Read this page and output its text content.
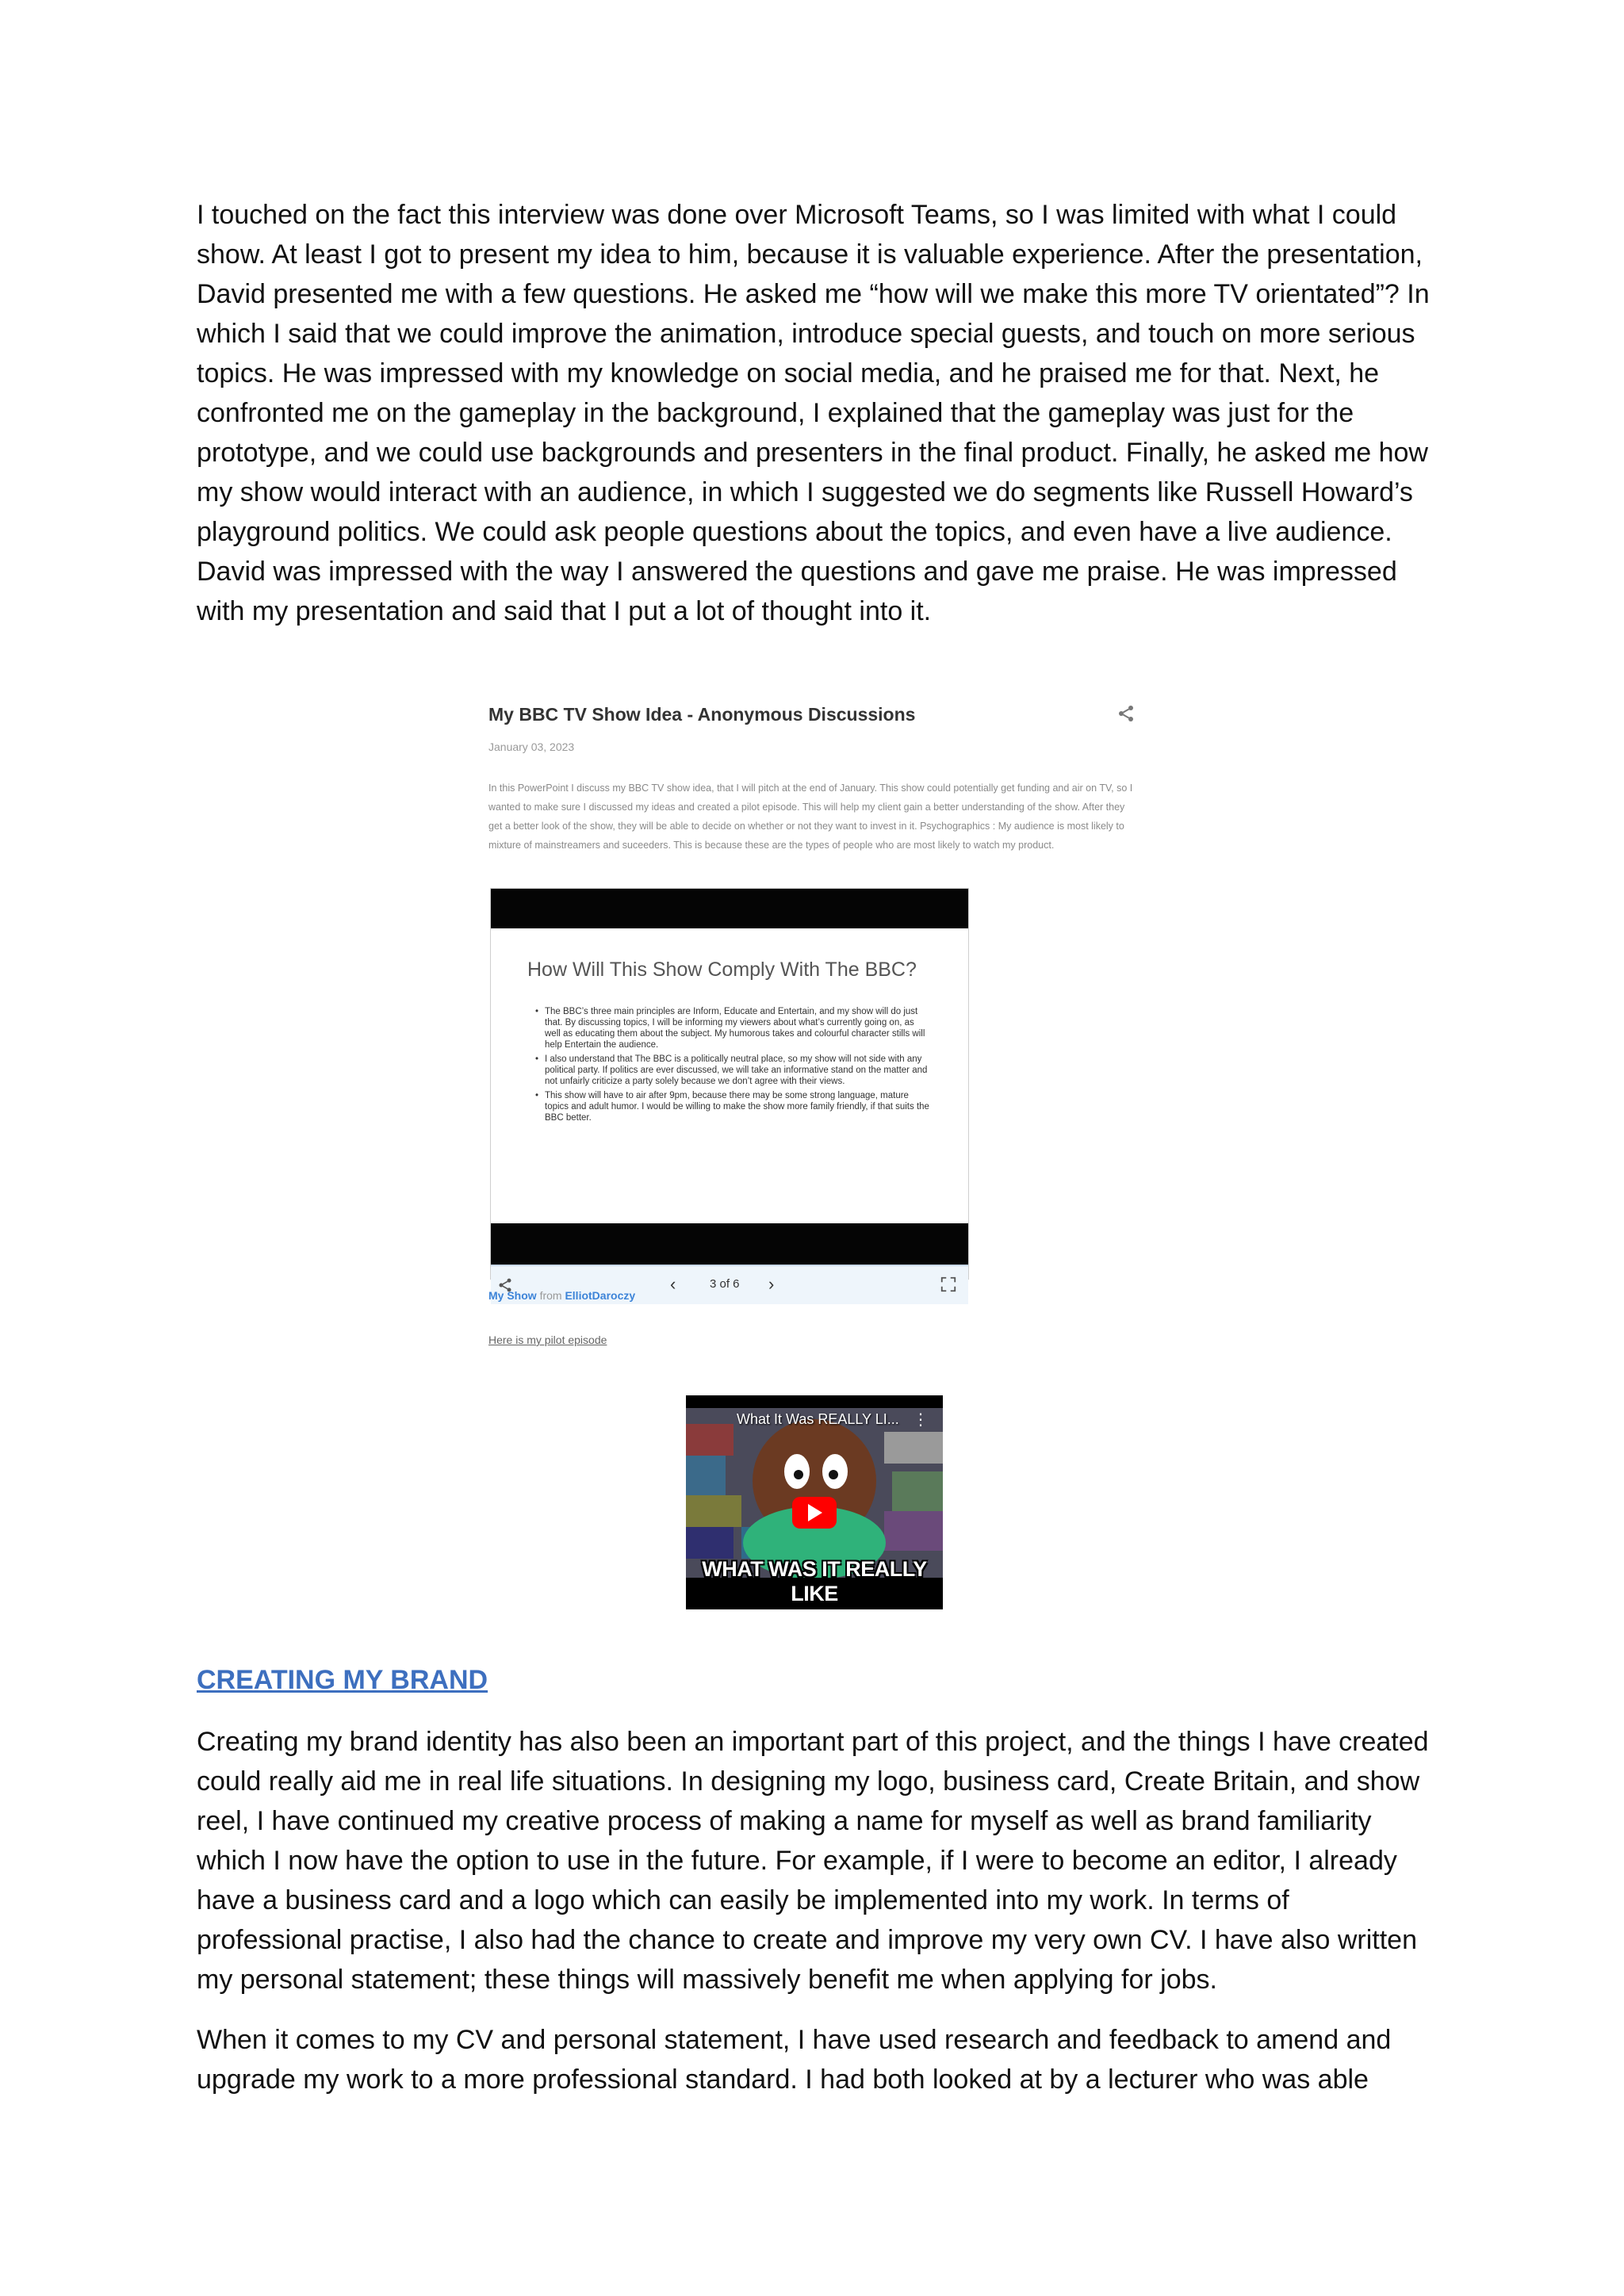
I touched on the fact this interview was done over Microsoft Teams, so I was limited with what I could show. At least I got to present my idea to him, because it is valuable experience. After the presentation, David presented me with a few questions. He asked me “how will we make this more TV orientated”? In which I said that we could improve the animation, introduce special guests, and touch on more serious topics. He was impressed with my knowledge on social media, and he praised me for that. Next, he confronted me on the gameplay in the background, I explained that the gameplay was just for the prototype, and we could use backgrounds and presenters in the final product. Finally, he asked me how my show would interact with an audience, in which I suggested we do segments like Russell Howard’s playground politics. We could ask people questions about the topics, and even have a live audience. David was impressed with the way I answered the questions and gave me praise. He was impressed with my presentation and said that I put a lot of thought into it.

My BBC TV Show Idea - Anonymous Discussions
January 03, 2023

In this PowerPoint I discuss my BBC TV show idea, that I will pitch at the end of January. This show could potentially get funding and air on TV, so I wanted to make sure I discussed my ideas and created a pilot episode. This will help my client gain a better understanding of the show. After they get a better look of the show, they will be able to decide on whether or not they want to invest in it. Psychographics : My audience is most likely to mixture of mainstreamers and suceeders. This is because these are the types of people who are most likely to watch my product.

How Will This Show Comply With The BBC?

• The BBC’s three main principles are Inform, Educate and Entertain, and my show will do just that. By discussing topics, I will be informing my viewers about what’s currently going on, as well as educating them about the subject. My humorous takes and colourful character stills will help Entertain the audience.
• I also understand that The BBC is a politically neutral place, so my show will not side with any political party. If politics are ever discussed, we will take an informative stand on the matter and not unfairly criticize a party solely because we don’t agree with their views.
• This show will have to air after 9pm, because there may be some strong language, mature topics and adult humor. I would be willing to make the show more family friendly, if that suits the BBC better.
‹	3 of 6 ›
My Show from ElliotDaroczy
Here is my pilot episode
What It Was REALLY LI... ⋮
WHAT WAS IT REALLY LIKE
CREATING MY BRAND

Creating my brand identity has also been an important part of this project, and the things I have created could really aid me in real life situations. In designing my logo, business card, Create Britain, and show reel, I have continued my creative process of making a name for myself as well as brand familiarity which I now have the option to use in the future. For example, if I were to become an editor, I already have a business card and a logo which can easily be implemented into my work. In terms of professional practise, I also had the chance to create and improve my very own CV. I have also written my personal statement; these things will massively benefit me when applying for jobs.

When it comes to my CV and personal statement, I have used research and feedback to amend and upgrade my work to a more professional standard. I had both looked at by a lecturer who was able
